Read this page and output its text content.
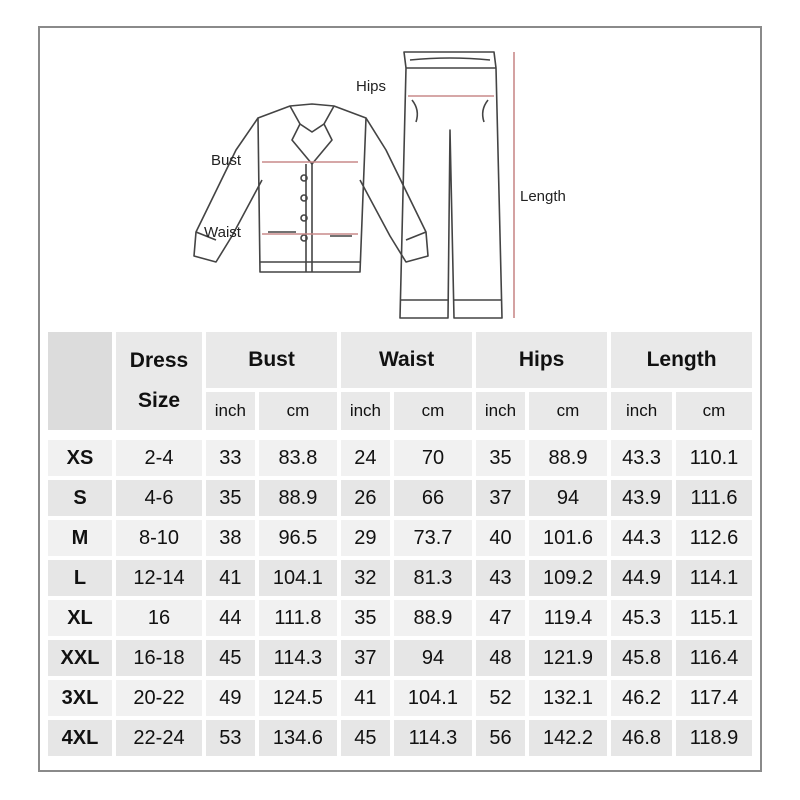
Bust
Waist
Hips
Length
	Dress
Size	Bust		Waist		Hips		Length	
		inch	cm	inch	cm	inch	cm	inch	cm

XS	2-4	33	83.8	24	70	35	88.9	43.3	110.1
S	4-6	35	88.9	26	66	37	94	43.9	111.6
M	8-10	38	96.5	29	73.7	40	101.6	44.3	112.6
L	12-14	41	104.1	32	81.3	43	109.2	44.9	114.1
XL	16	44	111.8	35	88.9	47	119.4	45.3	115.1
XXL	16-18	45	114.3	37	94	48	121.9	45.8	116.4
3XL	20-22	49	124.5	41	104.1	52	132.1	46.2	117.4
4XL	22-24	53	134.6	45	114.3	56	142.2	46.8	118.9
